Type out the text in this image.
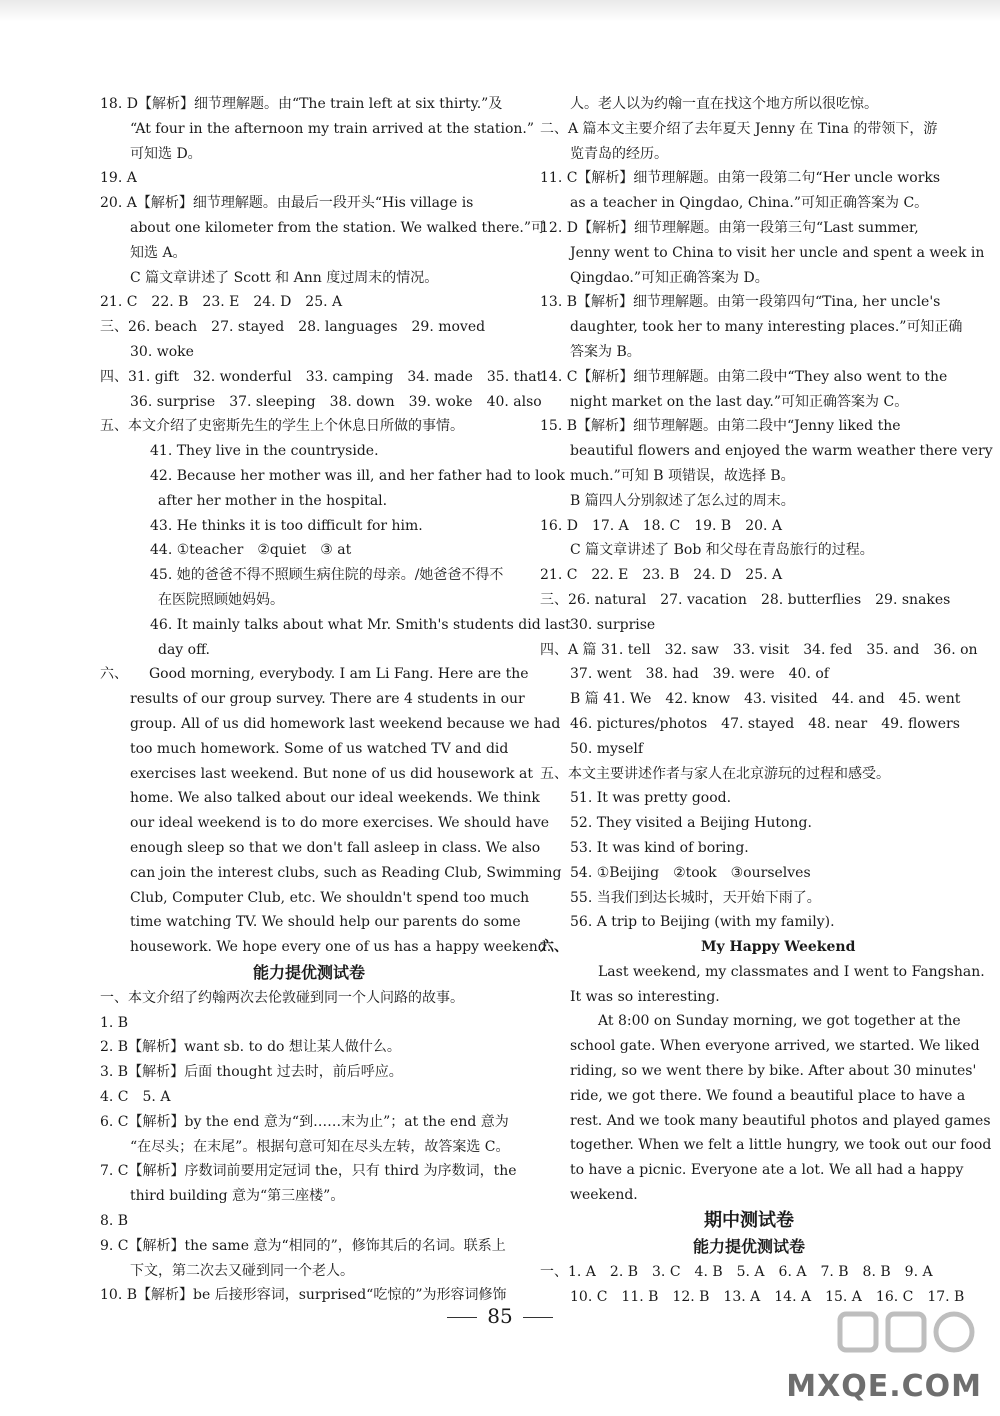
18. D【解析】细节理解题。由“The train left at six thirty.”及
“At four in the afternoon my train arrived at the station.”
可知选 D。
19. A
20. A【解析】细节理解题。由最后一段开头“His village is
about one kilometer from the station. We walked there.”可
知选 A。
C 篇文章讲述了 Scott 和 Ann 度过周末的情况。
21. C　22. B　23. E　24. D　25. A
三、26. beach　27. stayed　28. languages　29. moved
30. woke
四、31. gift　32. wonderful　33. camping　34. made　35. that
36. surprise　37. sleeping　38. down　39. woke　40. also
五、本文介绍了史密斯先生的学生上个休息日所做的事情。
41. They live in the countryside.
42. Because her mother was ill, and her father had to look
after her mother in the hospital.
43. He thinks it is too difficult for him.
44. ①teacher　②quiet　③ at
45. 她的爸爸不得不照顾生病住院的母亲。/她爸爸不得不
在医院照顾她妈妈。
46. It mainly talks about what Mr. Smith's students did last
day off.
六、　　Good morning, everybody. I am Li Fang. Here are the
results of our group survey. There are 4 students in our
group. All of us did homework last weekend because we had
too much homework. Some of us watched TV and did
exercises last weekend. But none of us did housework at
home. We also talked about our ideal weekends. We think
our ideal weekend is to do more exercises. We should have
enough sleep so that we don't fall asleep in class. We also
can join the interest clubs, such as Reading Club, Swimming
Club, Computer Club, etc. We shouldn't spend too much
time watching TV. We should help our parents do some
housework. We hope every one of us has a happy weekend.
能力提优测试卷
一、本文介绍了约翰两次去伦敦碰到同一个人问路的故事。
1. B
2. B【解析】want sb. to do 想让某人做什么。
3. B【解析】后面 thought 过去时，前后呼应。
4. C　5. A
6. C【解析】by the end 意为“到……末为止”；at the end 意为
“在尽头；在末尾”。根据句意可知在尽头左转，故答案选 C。
7. C【解析】序数词前要用定冠词 the，只有 third 为序数词，the
third building 意为“第三座楼”。
8. B
9. C【解析】the same 意为“相同的”，修饰其后的名词。联系上
下文，第二次去又碰到同一个老人。
10. B【解析】be 后接形容词，surprised“吃惊的”为形容词修饰
人。老人以为约翰一直在找这个地方所以很吃惊。
二、A 篇本文主要介绍了去年夏天 Jenny 在 Tina 的带领下，游
览青岛的经历。
11. C【解析】细节理解题。由第一段第二句“Her uncle works
as a teacher in Qingdao, China.”可知正确答案为 C。
12. D【解析】细节理解题。由第一段第三句“Last summer,
Jenny went to China to visit her uncle and spent a week in
Qingdao.”可知正确答案为 D。
13. B【解析】细节理解题。由第一段第四句“Tina, her uncle's
daughter, took her to many interesting places.”可知正确
答案为 B。
14. C【解析】细节理解题。由第二段中“They also went to the
night market on the last day.”可知正确答案为 C。
15. B【解析】细节理解题。由第二段中“Jenny liked the
beautiful flowers and enjoyed the warm weather there very
much.”可知 B 项错误，故选择 B。
B 篇四人分别叙述了怎么过的周末。
16. D　17. A　18. C　19. B　20. A
C 篇文章讲述了 Bob 和父母在青岛旅行的过程。
21. C　22. E　23. B　24. D　25. A
三、26. natural　27. vacation　28. butterflies　29. snakes
30. surprise
四、A 篇 31. tell　32. saw　33. visit　34. fed　35. and　36. on
37. went　38. had　39. were　40. of
B 篇 41. We　42. know　43. visited　44. and　45. went
46. pictures/photos　47. stayed　48. near　49. flowers
50. myself
五、本文主要讲述作者与家人在北京游玩的过程和感受。
51. It was pretty good.
52. They visited a Beijing Hutong.
53. It was kind of boring.
54. ①Beijing　②took　③ourselves
55. 当我们到达长城时，天开始下雨了。
56. A trip to Beijing (with my family).
六、　　　　　　　　　　My Happy Weekend
　　Last weekend, my classmates and I went to Fangshan.
It was so interesting.
　　At 8:00 on Sunday morning, we got together at the
school gate. When everyone arrived, we started. We liked
riding, so we went there by bike. After about 30 minutes'
ride, we got there. We found a beautiful place to have a
rest. And we took many beautiful photos and played games
together. When we felt a little hungry, we took out our food
to have a picnic. Everyone ate a lot. We all had a happy
weekend.
期中测试卷
能力提优测试卷
一、1. A　2. B　3. C　4. B　5. A　6. A　7. B　8. B　9. A
10. C　11. B　12. B　13. A　14. A　15. A　16. C　17. B
85
MXQE.COM
